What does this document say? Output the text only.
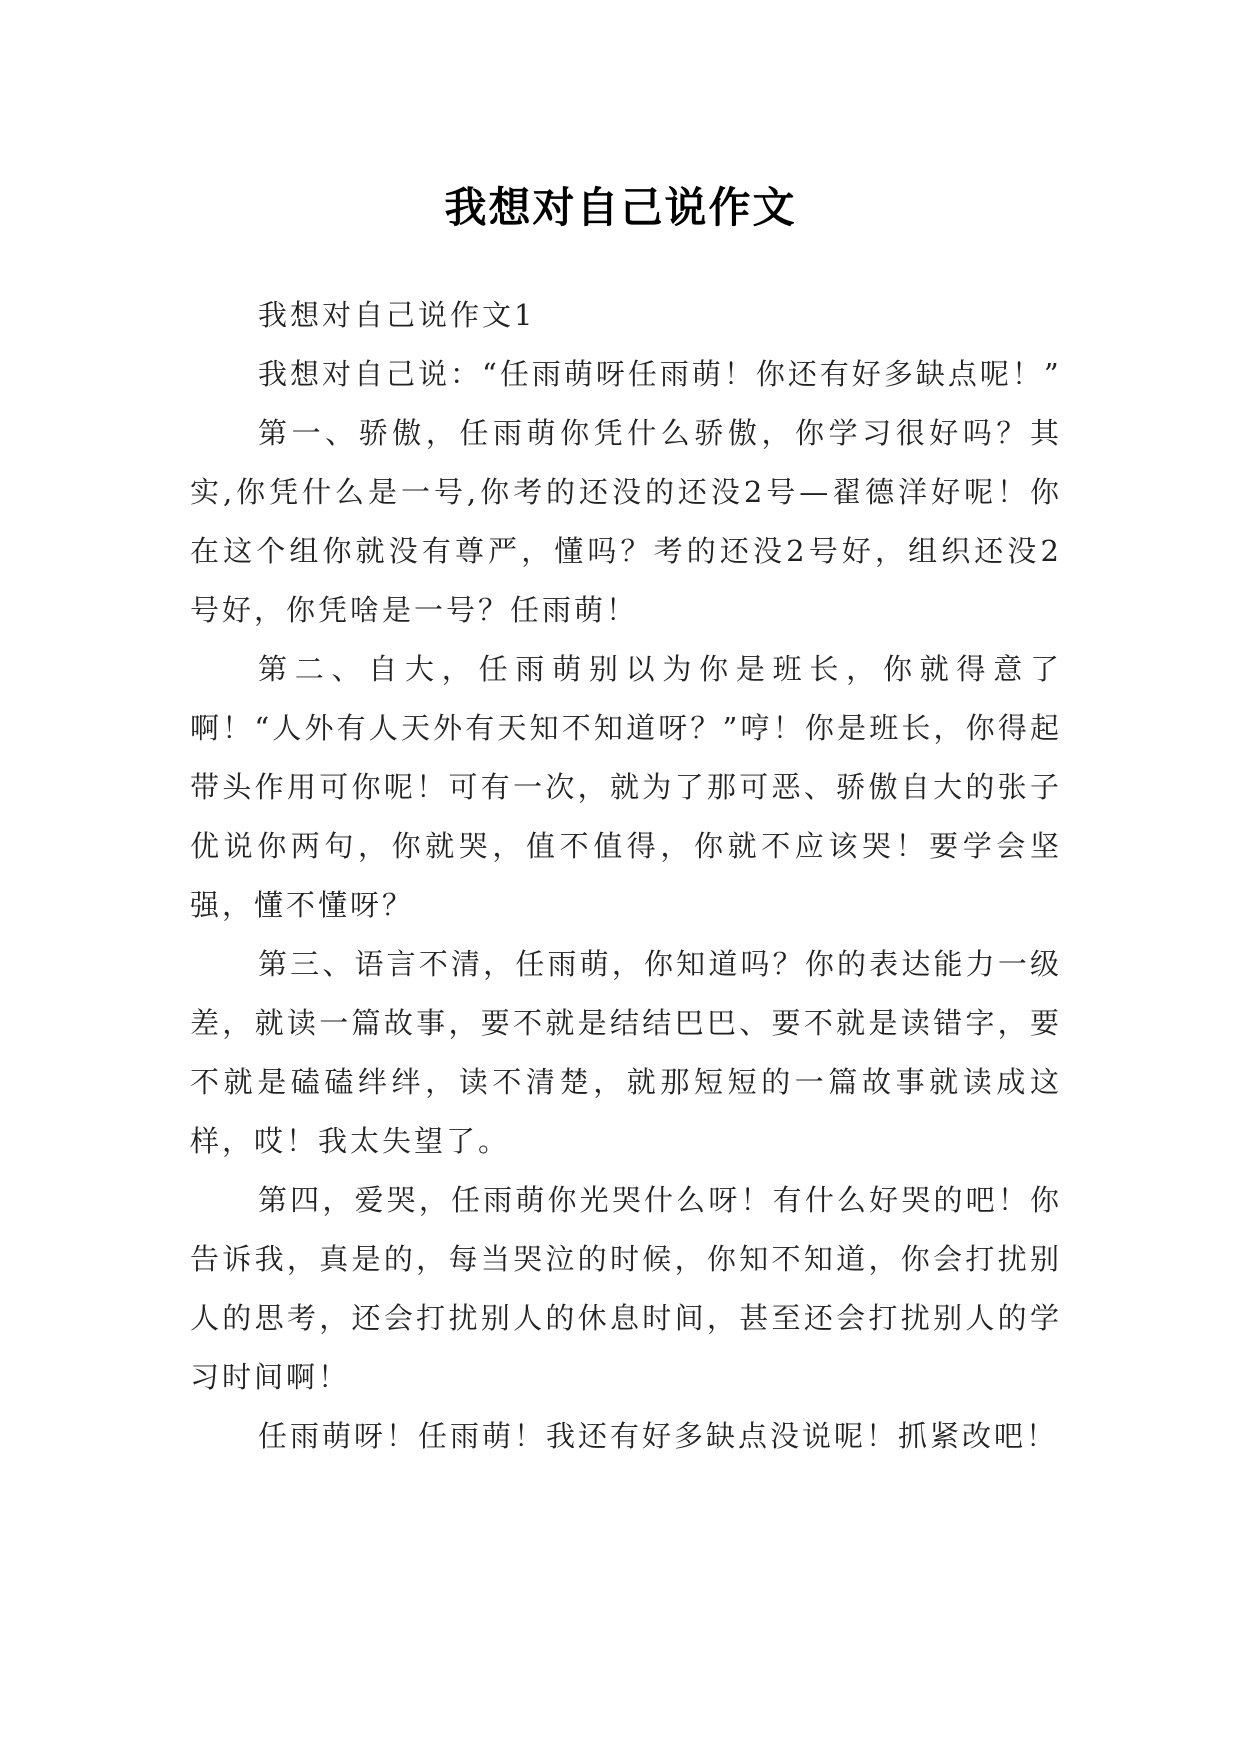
我想对自己说作文

我想对自己说作文1

我想对自己说：“任雨萌呀任雨萌！你还有好多缺点呢！”

第一、骄傲，任雨萌你凭什么骄傲，你学习很好吗？其实,你凭什么是一号,你考的还没的还没2号—翟德洋好呢！你在这个组你就没有尊严，懂吗？考的还没2号好，组织还没2号好，你凭啥是一号？任雨萌！

第二、自大，任雨萌别以为你是班长，你就得意了啊！“人外有人天外有天知不知道呀？”哼！你是班长，你得起带头作用可你呢！可有一次，就为了那可恶、骄傲自大的张子优说你两句，你就哭，值不值得，你就不应该哭！要学会坚强，懂不懂呀？

第三、语言不清，任雨萌，你知道吗？你的表达能力一级差，就读一篇故事，要不就是结结巴巴、要不就是读错字，要不就是磕磕绊绊，读不清楚，就那短短的一篇故事就读成这样，哎！我太失望了。

第四，爱哭，任雨萌你光哭什么呀！有什么好哭的吧！你告诉我，真是的，每当哭泣的时候，你知不知道，你会打扰别人的思考，还会打扰别人的休息时间，甚至还会打扰别人的学习时间啊！

任雨萌呀！任雨萌！我还有好多缺点没说呢！抓紧改吧！
